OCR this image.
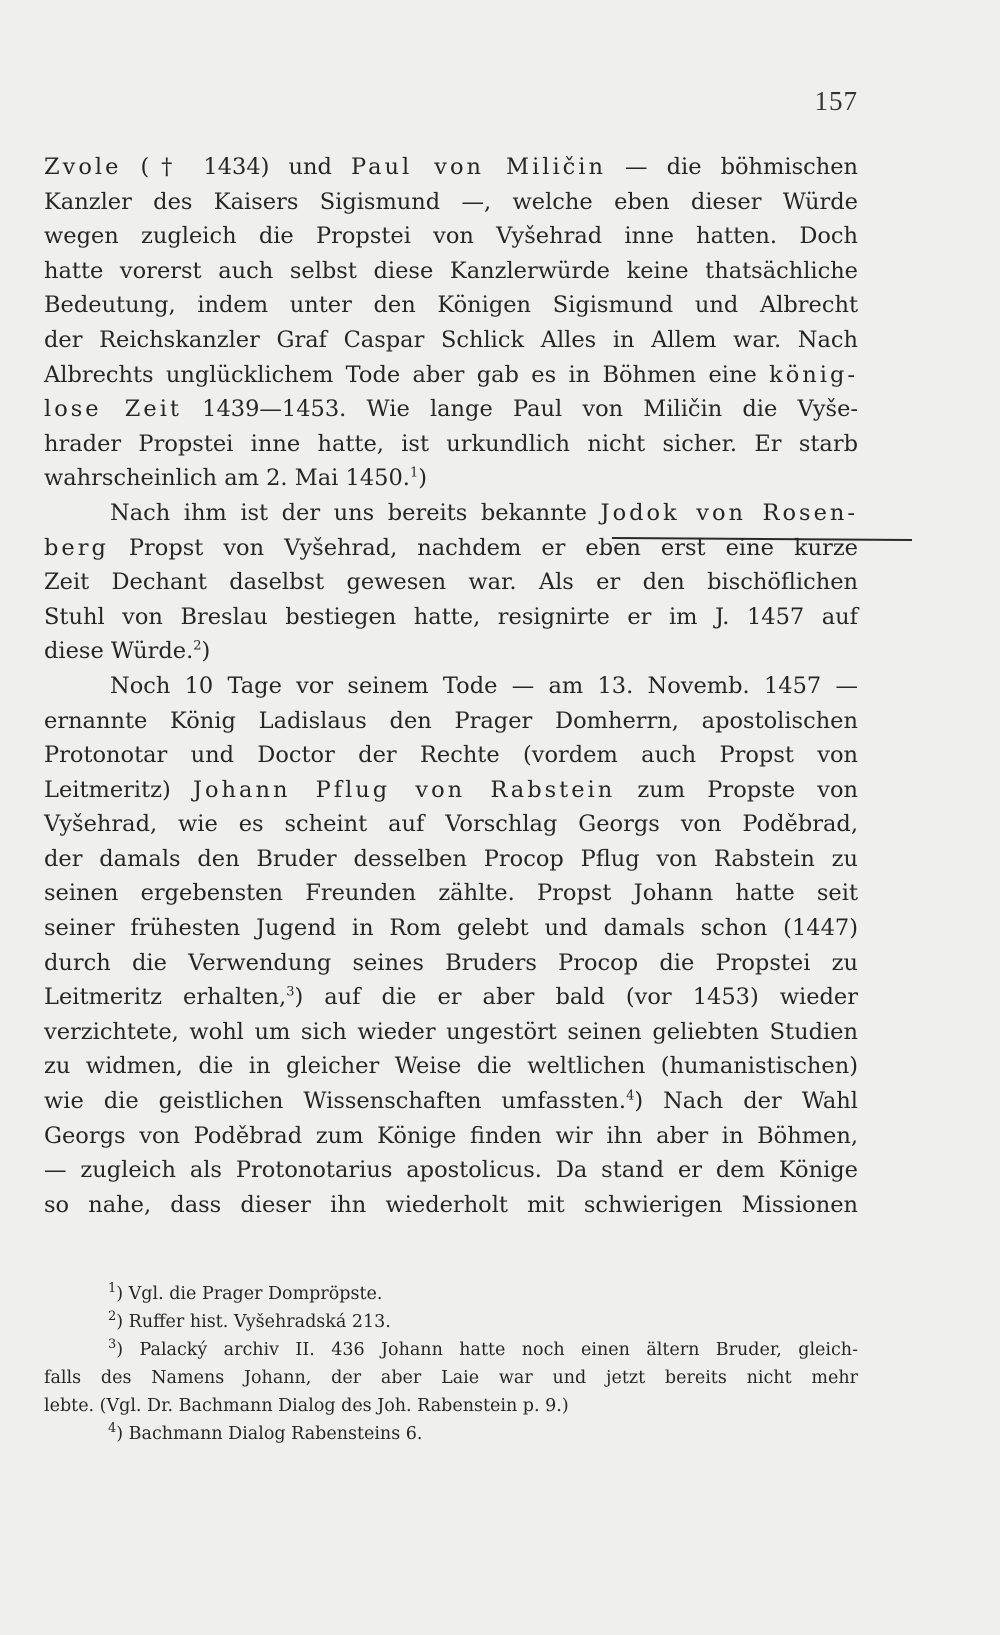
157
Zvole († 1434) und Paul von Miličin — die böhmischen
Kanzler des Kaisers Sigismund —, welche eben dieser Würde
wegen zugleich die Propstei von Vyšehrad inne hatten. Doch
hatte vorerst auch selbst diese Kanzlerwürde keine thatsächliche
Bedeutung, indem unter den Königen Sigismund und Albrecht
der Reichskanzler Graf Caspar Schlick Alles in Allem war. Nach
Albrechts unglücklichem Tode aber gab es in Böhmen eine könig‑
lose Zeit 1439—1453. Wie lange Paul von Miličin die Vyše‑
hrader Propstei inne hatte, ist urkundlich nicht sicher. Er starb
wahrscheinlich am 2. Mai 1450.$^1$)
Nach ihm ist der uns bereits bekannte Jodok von Rosen‑
berg Propst von Vyšehrad, nachdem er eben erst eine kurze
Zeit Dechant daselbst gewesen war. Als er den bischöflichen
Stuhl von Breslau bestiegen hatte, resignirte er im J. 1457 auf
diese Würde.$^2$)
Noch 10 Tage vor seinem Tode — am 13. Novemb. 1457 —
ernannte König Ladislaus den Prager Domherrn, apostolischen
Protonotar und Doctor der Rechte (vordem auch Propst von
Leitmeritz) Johann Pflug von Rabstein zum Propste von
Vyšehrad, wie es scheint auf Vorschlag Georgs von Poděbrad,
der damals den Bruder desselben Procop Pflug von Rabstein zu
seinen ergebensten Freunden zählte. Propst Johann hatte seit
seiner frühesten Jugend in Rom gelebt und damals schon (1447)
durch die Verwendung seines Bruders Procop die Propstei zu
Leitmeritz erhalten,$^3$) auf die er aber bald (vor 1453) wieder
verzichtete, wohl um sich wieder ungestört seinen geliebten Studien
zu widmen, die in gleicher Weise die weltlichen (humanistischen)
wie die geistlichen Wissenschaften umfassten.$^4$) Nach der Wahl
Georgs von Poděbrad zum Könige finden wir ihn aber in Böhmen,
— zugleich als Protonotarius apostolicus. Da stand er dem Könige
so nahe, dass dieser ihn wiederholt mit schwierigen Missionen
$^1$) Vgl. die Prager Dompröpste.
$^2$) Ruffer hist. Vyšehradská 213.
$^3$) Palacký archiv II. 436 Johann hatte noch einen ältern Bruder, gleich‑
falls des Namens Johann, der aber Laie war und jetzt bereits nicht mehr
lebte. (Vgl. Dr. Bachmann Dialog des Joh. Rabenstein p. 9.)
$^4$) Bachmann Dialog Rabensteins 6.
